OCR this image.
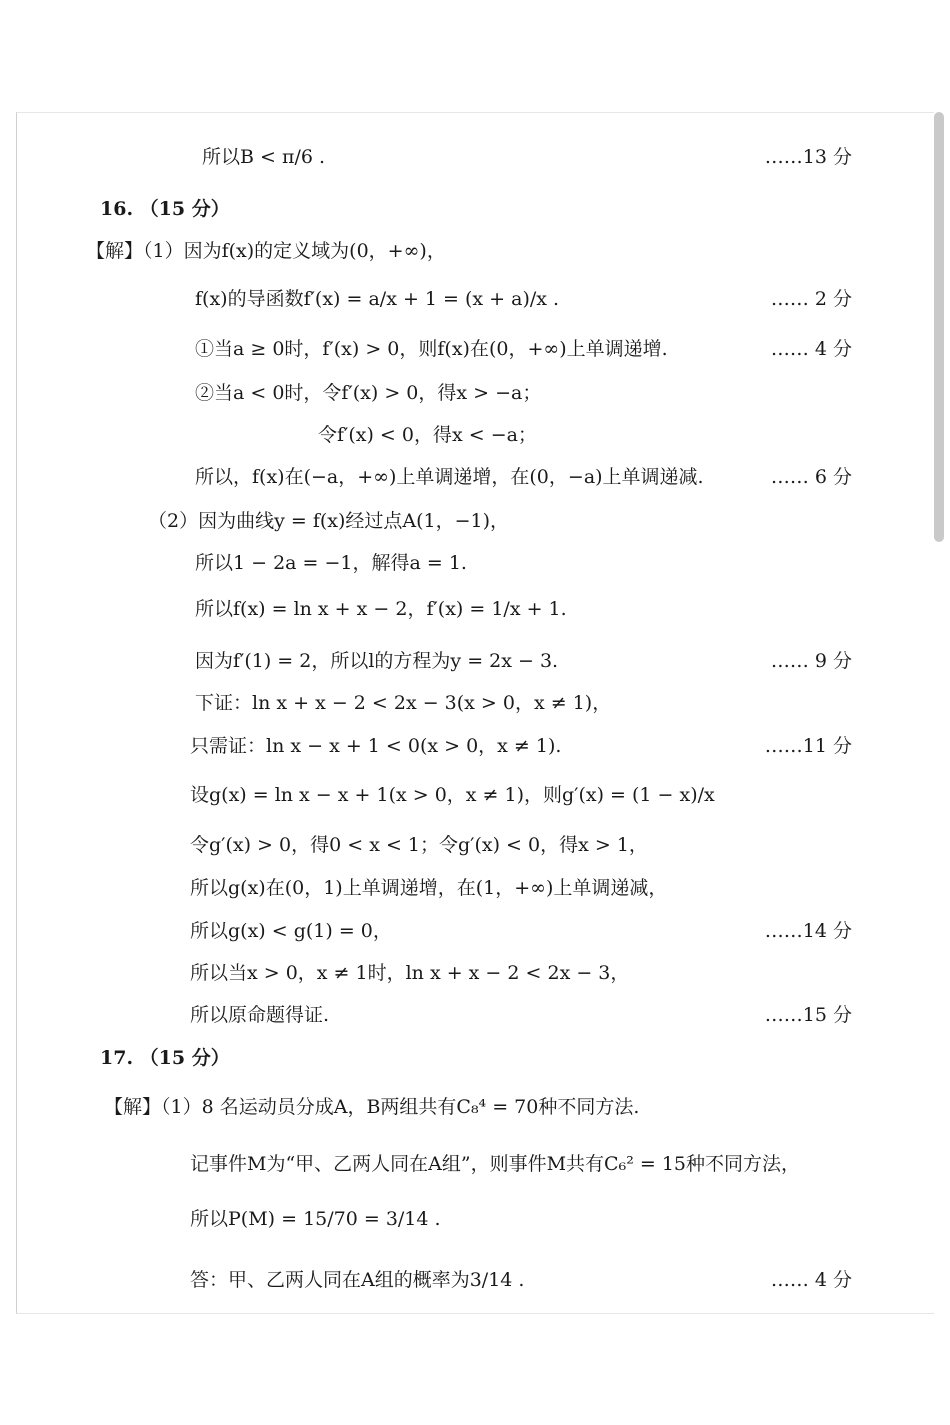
所以B < π/6 .	……13 分
16. （15 分）
【解】（1）因为f(x)的定义域为(0，+∞)，
f(x)的导函数f′(x) = a/x + 1 = (x + a)/x .	…… 2 分
①当a ≥ 0时，f′(x) > 0，则f(x)在(0，+∞)上单调递增.	…… 4 分
②当a < 0时，令f′(x) > 0，得x > −a；
令f′(x) < 0，得x < −a；
所以，f(x)在(−a，+∞)上单调递增，在(0，−a)上单调递减.	…… 6 分
（2）因为曲线y = f(x)经过点A(1，−1)，
所以1 − 2a = −1，解得a = 1.
所以f(x) = ln x + x − 2，f′(x) = 1/x + 1.
因为f′(1) = 2，所以l的方程为y = 2x − 3.	…… 9 分
下证：ln x + x − 2 < 2x − 3(x > 0，x ≠ 1)，
只需证：ln x − x + 1 < 0(x > 0，x ≠ 1).	……11 分
设g(x) = ln x − x + 1(x > 0，x ≠ 1)，则g′(x) = (1 − x)/x
令g′(x) > 0，得0 < x < 1；令g′(x) < 0，得x > 1，
所以g(x)在(0，1)上单调递增，在(1，+∞)上单调递减，
所以g(x) < g(1) = 0，	……14 分
所以当x > 0，x ≠ 1时，ln x + x − 2 < 2x − 3，
所以原命题得证.	……15 分
17. （15 分）
【解】（1）8 名运动员分成A，B两组共有C₈⁴ = 70种不同方法.
记事件M为“甲、乙两人同在A组”，则事件M共有C₆² = 15种不同方法，
所以P(M) = 15/70 = 3/14 .
答：甲、乙两人同在A组的概率为3/14 .	…… 4 分
